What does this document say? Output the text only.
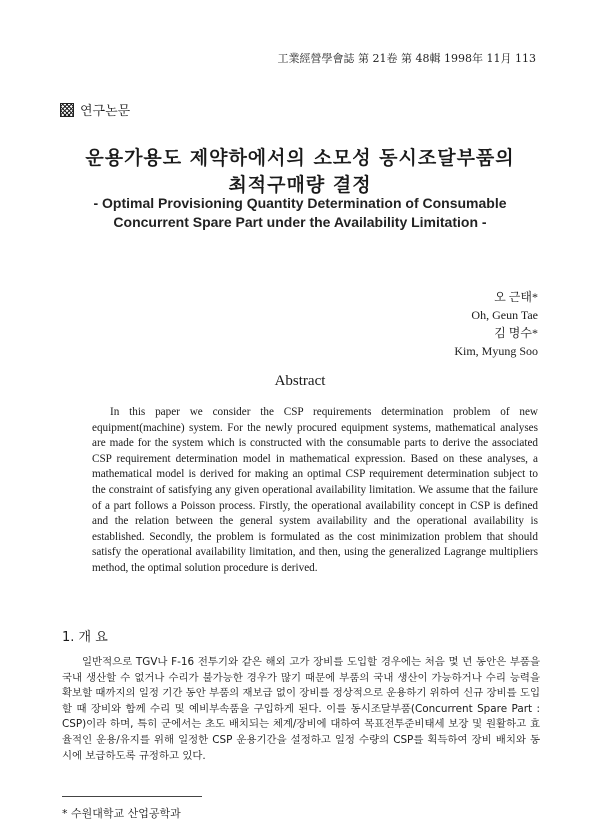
工業經營學會誌 第 21卷 第 48輯 1998年 11月 113
연구논문
운용가용도 제약하에서의 소모성 동시조달부품의
최적구매량 결정
- Optimal Provisioning Quantity Determination of Consumable
Concurrent Spare Part under the Availability Limitation -
오 근태*
Oh, Geun Tae
김 명수*
Kim, Myung Soo
Abstract
In this paper we consider the CSP requirements determination problem of new equipment(machine) system. For the newly procured equipment systems, mathematical analyses are made for the system which is constructed with the consumable parts to derive the associated CSP requirement determination model in mathematical expression. Based on these analyses, a mathematical model is derived for making an optimal CSP requirement determination subject to the constraint of satisfying any given operational availability limitation. We assume that the failure of a part follows a Poisson process. Firstly, the operational availability concept in CSP is defined and the relation between the general system availability and the operational availability is established. Secondly, the problem is formulated as the cost minimization problem that should satisfy the operational availability limitation, and then, using the generalized Lagrange multipliers method, the optimal solution procedure is derived.
1. 개 요
일반적으로 TGV나 F-16 전투기와 같은 해외 고가 장비를 도입할 경우에는 처음 몇 년 동안은 부품을 국내 생산할 수 없거나 수리가 불가능한 경우가 많기 때문에 부품의 국내 생산이 가능하거나 수리 능력을 확보할 때까지의 일정 기간 동안 부품의 재보급 없이 장비를 정상적으로 운용하기 위하여 신규 장비를 도입할 때 장비와 함께 수리 및 예비부속품을 구입하게 된다. 이를 동시조달부품(Concurrent Spare Part : CSP)이라 하며, 특히 군에서는 초도 배치되는 체계/장비에 대하여 목표전투준비태세 보장 및 원활하고 효율적인 운용/유지를 위해 일정한 CSP 운용기간을 설정하고 일정 수량의 CSP를 획득하여 장비 배치와 동시에 보급하도록 규정하고 있다.
* 수원대학교 산업공학과
